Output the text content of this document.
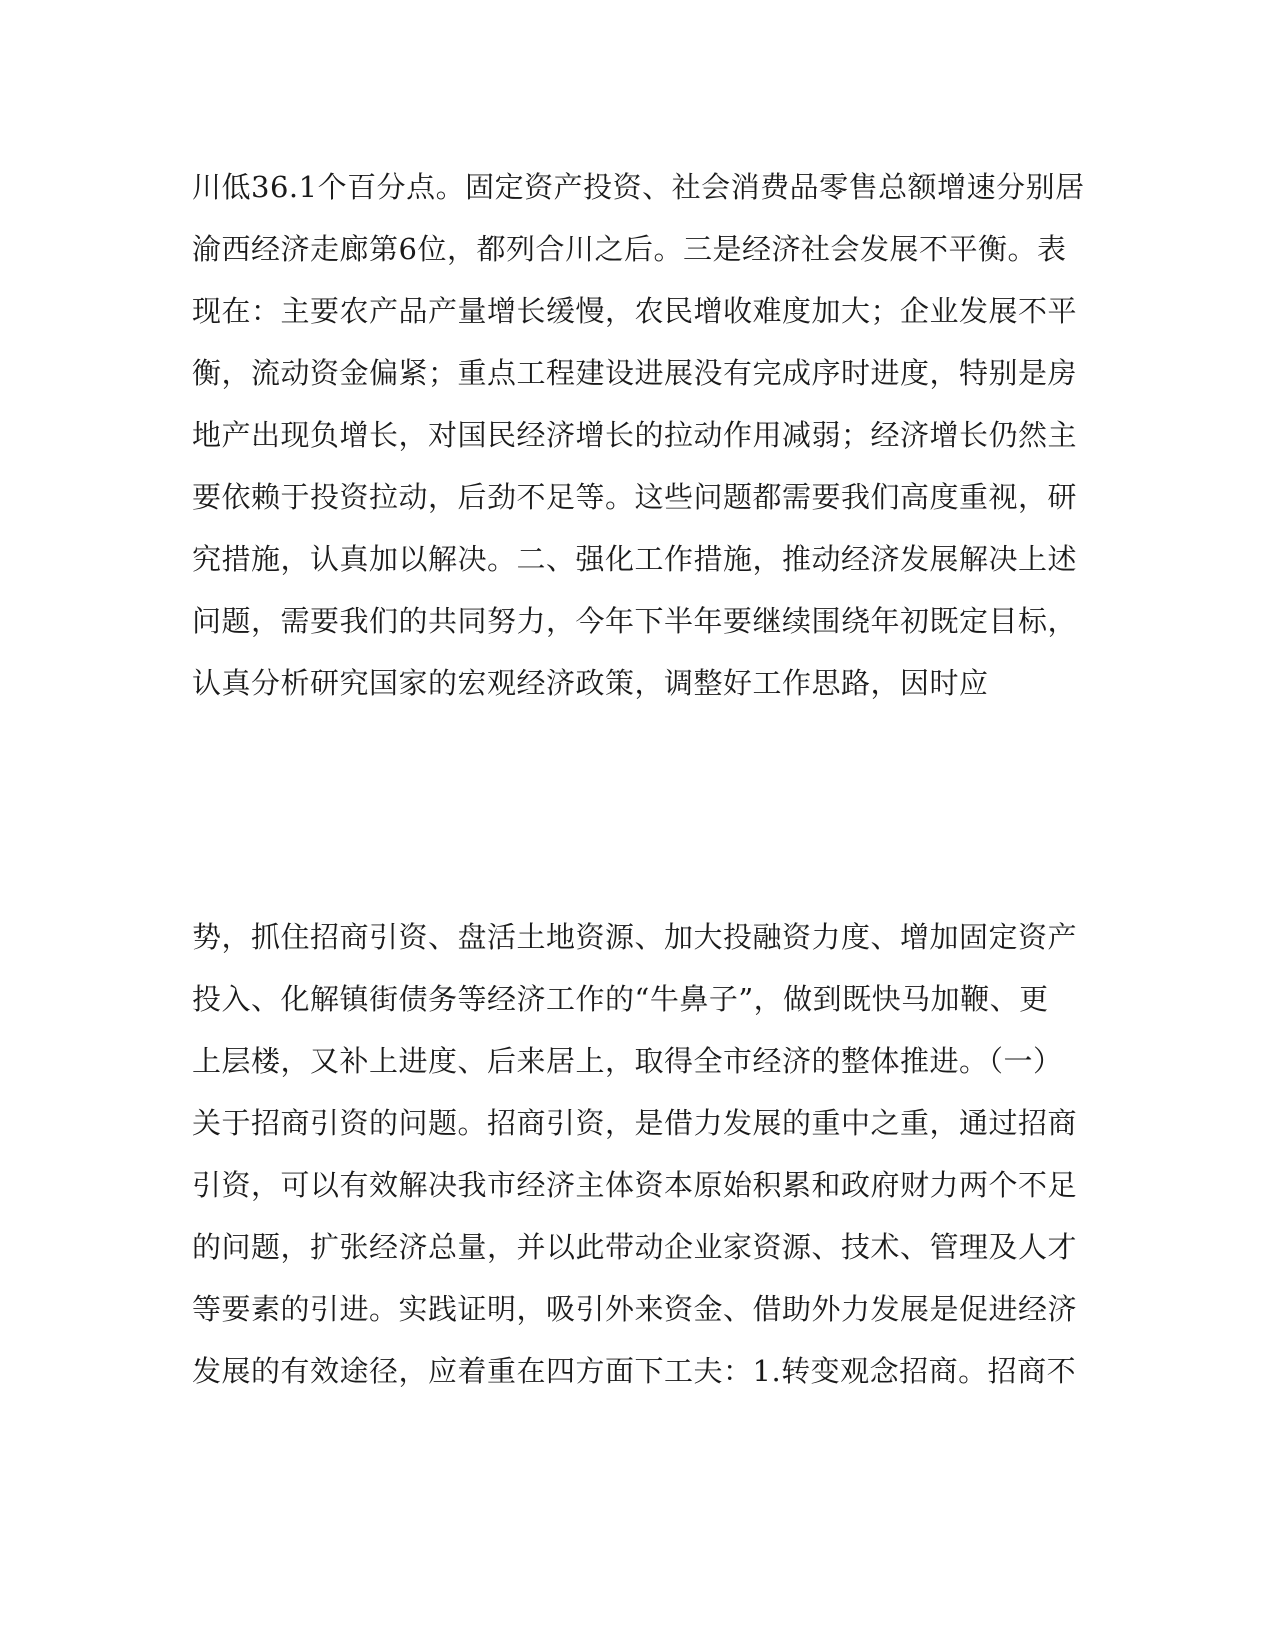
川低36.1个百分点。固定资产投资、社会消费品零售总额增速分别居
渝西经济走廊第6位，都列合川之后。三是经济社会发展不平衡。表
现在：主要农产品产量增长缓慢，农民增收难度加大；企业发展不平
衡，流动资金偏紧；重点工程建设进展没有完成序时进度，特别是房
地产出现负增长，对国民经济增长的拉动作用减弱；经济增长仍然主
要依赖于投资拉动，后劲不足等。这些问题都需要我们高度重视，研
究措施，认真加以解决。二、强化工作措施，推动经济发展解决上述
问题，需要我们的共同努力，今年下半年要继续围绕年初既定目标，
认真分析研究国家的宏观经济政策，调整好工作思路，因时应
势，抓住招商引资、盘活土地资源、加大投融资力度、增加固定资产
投入、化解镇街债务等经济工作的“牛鼻子”，做到既快马加鞭、更
上层楼，又补上进度、后来居上，取得全市经济的整体推进。（一）
关于招商引资的问题。招商引资，是借力发展的重中之重，通过招商
引资，可以有效解决我市经济主体资本原始积累和政府财力两个不足
的问题，扩张经济总量，并以此带动企业家资源、技术、管理及人才
等要素的引进。实践证明，吸引外来资金、借助外力发展是促进经济
发展的有效途径，应着重在四方面下工夫：1.转变观念招商。招商不
